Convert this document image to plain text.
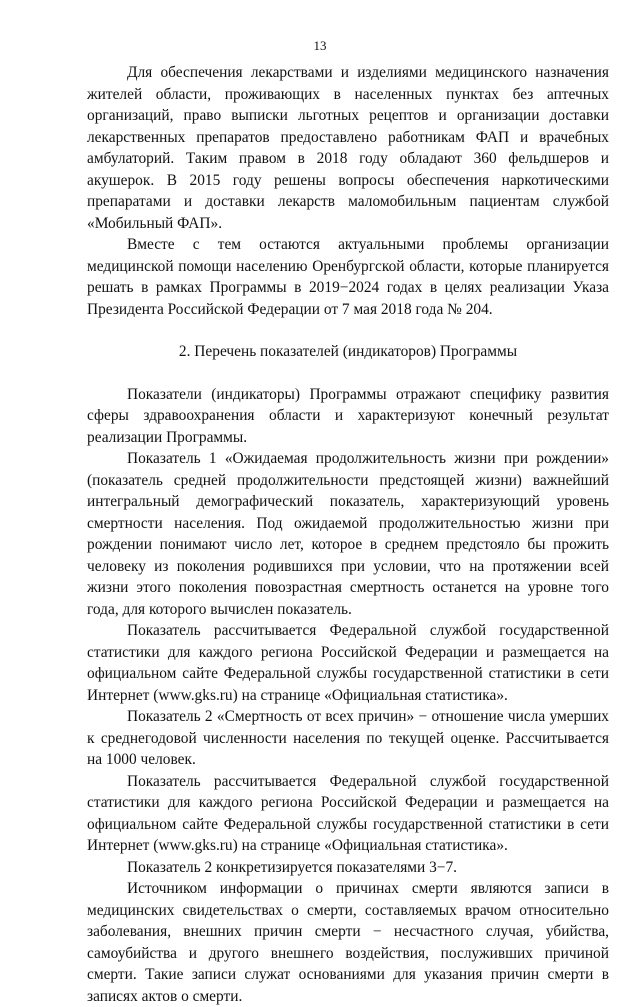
13

Для обеспечения лекарствами и изделиями медицинского назначения жителей области, проживающих в населенных пунктах без аптечных организаций, право выписки льготных рецептов и организации доставки лекарственных препаратов предоставлено работникам ФАП и врачебных амбулаторий. Таким правом в 2018 году обладают 360 фельдшеров и акушерок. В 2015 году решены вопросы обеспечения наркотическими препаратами и доставки лекарств маломобильным пациентам службой «Мобильный ФАП».

Вместе с тем остаются актуальными проблемы организации медицинской помощи населению Оренбургской области, которые планируется решать в рамках Программы в 2019−2024 годах в целях реализации Указа Президента Российской Федерации от 7 мая 2018 года № 204.

2. Перечень показателей (индикаторов) Программы

Показатели (индикаторы) Программы отражают специфику развития сферы здравоохранения области и характеризуют конечный результат реализации Программы.

Показатель 1 «Ожидаемая продолжительность жизни при рождении» (показатель средней продолжительности предстоящей жизни) важнейший интегральный демографический показатель, характеризующий уровень смертности населения. Под ожидаемой продолжительностью жизни при рождении понимают число лет, которое в среднем предстояло бы прожить человеку из поколения родившихся при условии, что на протяжении всей жизни этого поколения повозрастная смертность останется на уровне того года, для которого вычислен показатель.

Показатель рассчитывается Федеральной службой государственной статистики для каждого региона Российской Федерации и размещается на официальном сайте Федеральной службы государственной статистики в сети Интернет (www.gks.ru) на странице «Официальная статистика».

Показатель 2 «Смертность от всех причин» − отношение числа умерших к среднегодовой численности населения по текущей оценке. Рассчитывается на 1000 человек.

Показатель рассчитывается Федеральной службой государственной статистики для каждого региона Российской Федерации и размещается на официальном сайте Федеральной службы государственной статистики в сети Интернет (www.gks.ru) на странице «Официальная статистика».

Показатель 2 конкретизируется показателями 3−7.

Источником информации о причинах смерти являются записи в медицинских свидетельствах о смерти, составляемых врачом относительно заболевания, внешних причин смерти − несчастного случая, убийства, самоубийства и другого внешнего воздействия, послуживших причиной смерти. Такие записи служат основаниями для указания причин смерти в записях актов о смерти.
